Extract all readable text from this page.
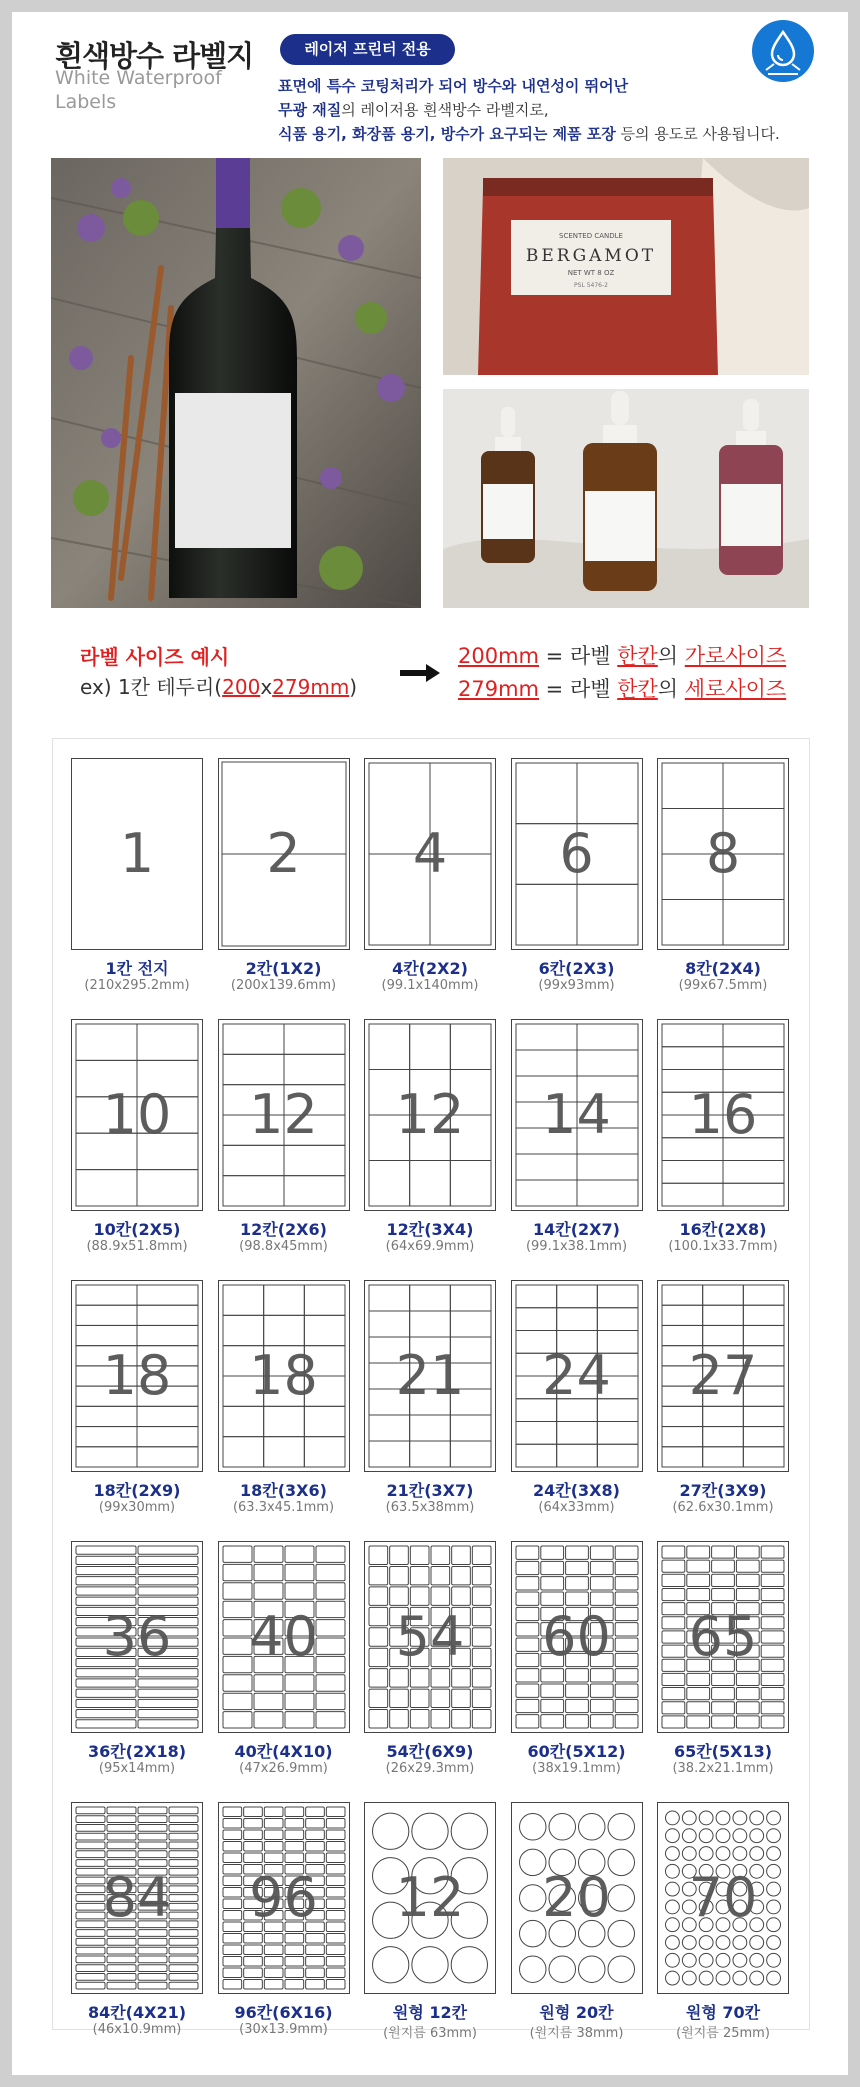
흰색방수 라벨지
White Waterproof Labels
레이저 프린터 전용
표면에 특수 코팅처리가 되어 방수와 내연성이 뛰어난
무광 재질의 레이저용 흰색방수 라벨지로,
식품 용기, 화장품 용기, 방수가 요구되는 제품 포장 등의 용도로 사용됩니다.
SCENTED CANDLE
BERGAMOT
NET WT 8 OZ
PSL 5476-2
라벨 사이즈 예시
ex) 1칸 테두리(200x279mm)
200mm = 라벨 한칸의 가로사이즈
279mm = 라벨 한칸의 세로사이즈
1
1칸 전지
(210x295.2mm)
2
2칸(1X2)
(200x139.6mm)
4
4칸(2X2)
(99.1x140mm)
6
6칸(2X3)
(99x93mm)
8
8칸(2X4)
(99x67.5mm)
10
10칸(2X5)
(88.9x51.8mm)
12
12칸(2X6)
(98.8x45mm)
12
12칸(3X4)
(64x69.9mm)
14
14칸(2X7)
(99.1x38.1mm)
16
16칸(2X8)
(100.1x33.7mm)
18
18칸(2X9)
(99x30mm)
18
18칸(3X6)
(63.3x45.1mm)
21
21칸(3X7)
(63.5x38mm)
24
24칸(3X8)
(64x33mm)
27
27칸(3X9)
(62.6x30.1mm)
36
36칸(2X18)
(95x14mm)
40
40칸(4X10)
(47x26.9mm)
54
54칸(6X9)
(26x29.3mm)
60
60칸(5X12)
(38x19.1mm)
65
65칸(5X13)
(38.2x21.1mm)
84
84칸(4X21)
(46x10.9mm)
96
96칸(6X16)
(30x13.9mm)
12
원형 12칸
(원지름 63mm)
20
원형 20칸
(원지름 38mm)
70
원형 70칸
(원지름 25mm)
